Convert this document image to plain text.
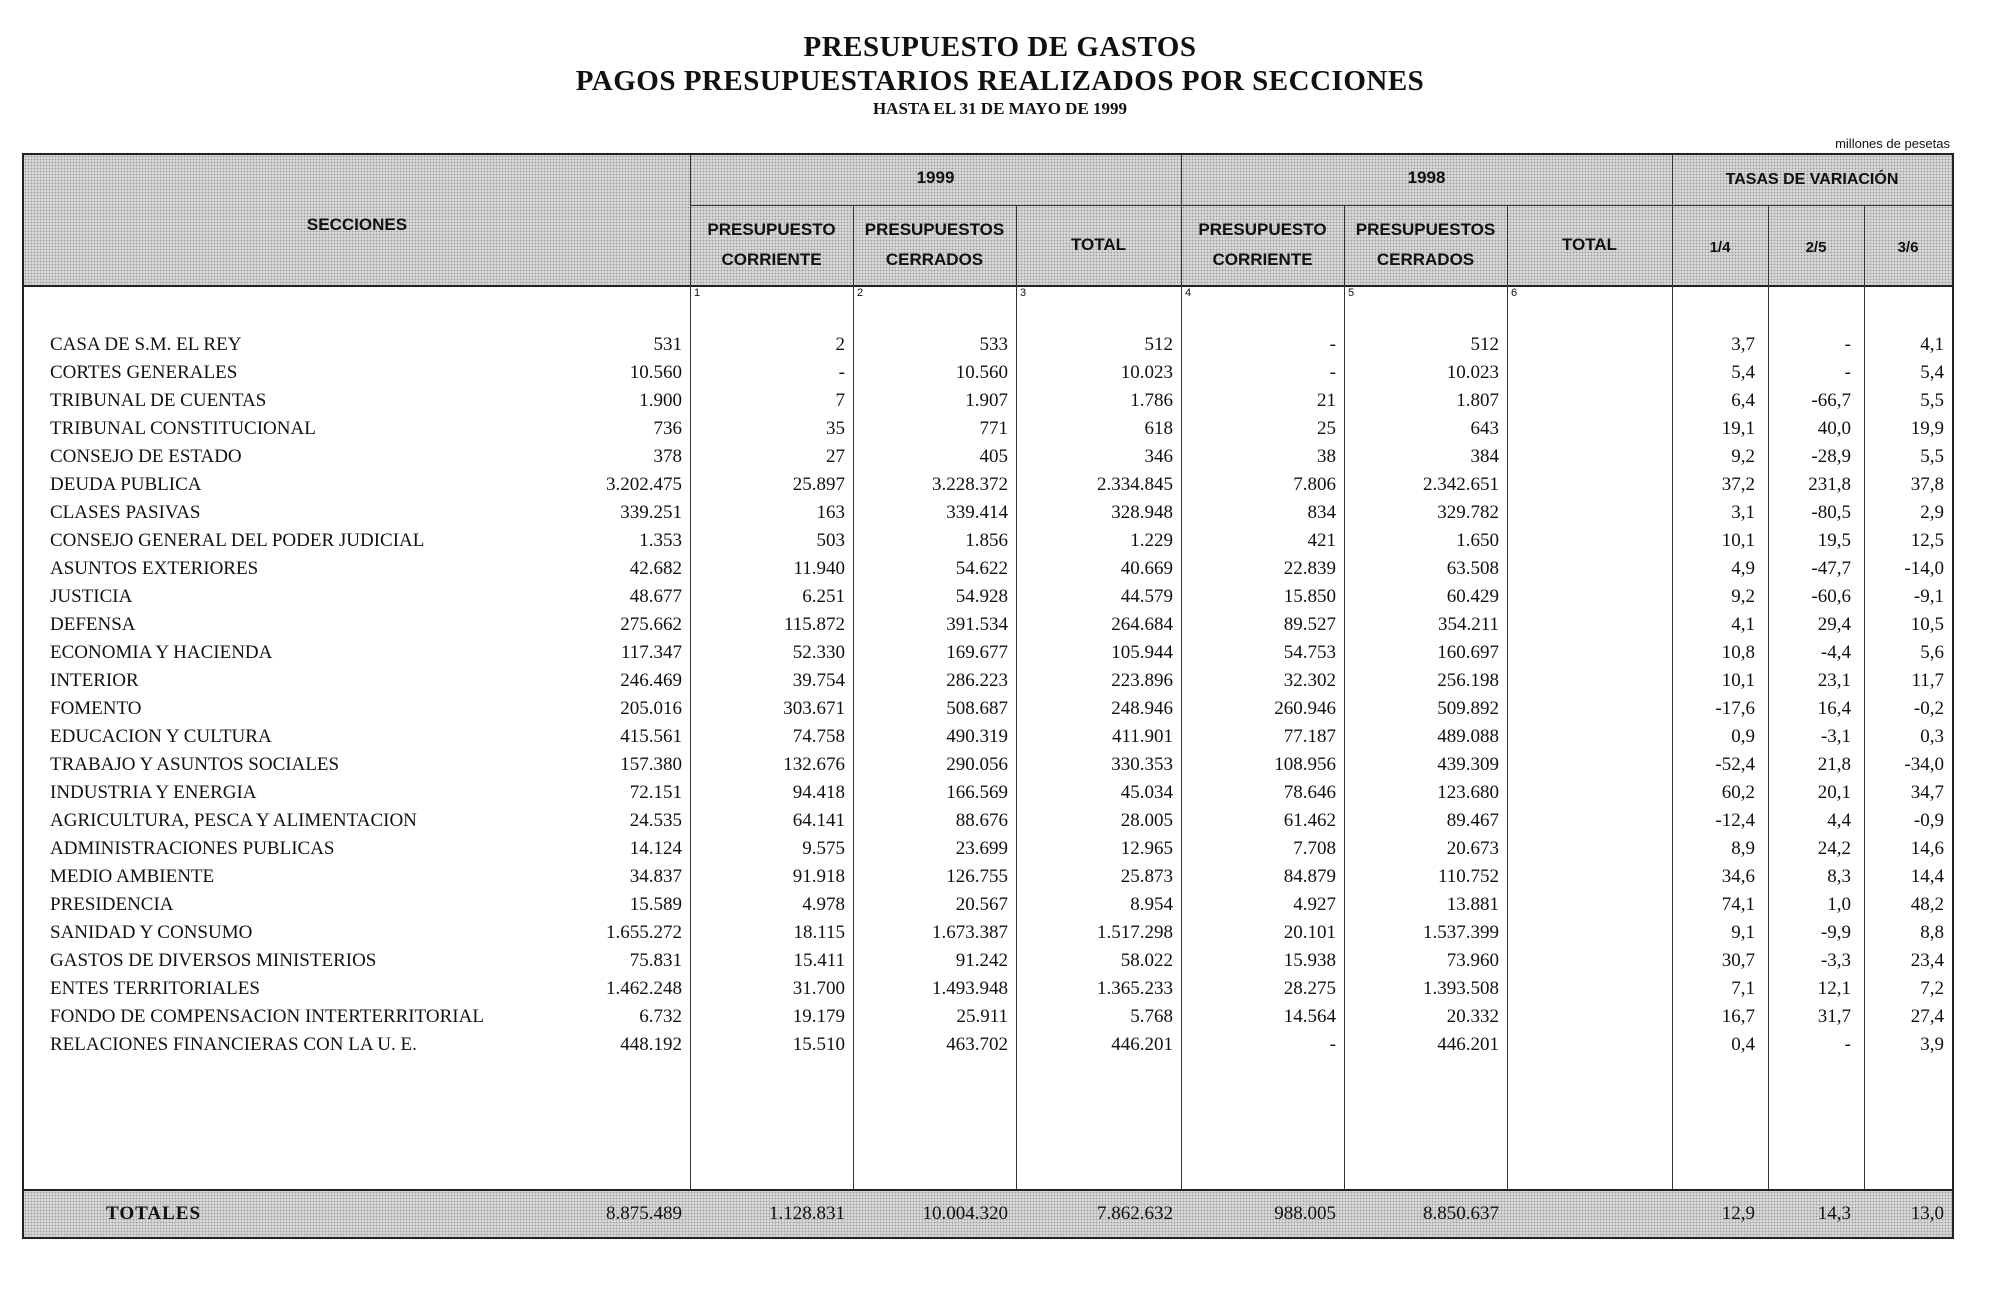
PRESUPUESTO DE GASTOS
PAGOS PRESUPUESTARIOS REALIZADOS POR SECCIONES
HASTA EL 31 DE MAYO DE 1999
millones de pesetas
SECCIONES
1999	1998	TASAS DE VARIACIÓN
PRESUPUESTO CORRIENTE
PRESUPUESTOS CERRADOS
TOTAL
PRESUPUESTO CORRIENTE
PRESUPUESTOS CERRADOS
TOTAL	1/4	2/5	3/6
1	2	3	4	5	6
CASA DE S.M. EL REY	531	2	533	512	-	512	3,7	-	4,1
CORTES GENERALES	10.560	-	10.560	10.023	-	10.023	5,4	-	5,4
TRIBUNAL DE CUENTAS	1.900	7	1.907	1.786	21	1.807	6,4	-66,7	5,5
TRIBUNAL CONSTITUCIONAL	736	35	771	618	25	643	19,1	40,0	19,9
CONSEJO DE ESTADO	378	27	405	346	38	384	9,2	-28,9	5,5
DEUDA PUBLICA	3.202.475	25.897	3.228.372	2.334.845	7.806	2.342.651	37,2	231,8	37,8
CLASES PASIVAS	339.251	163	339.414	328.948	834	329.782	3,1	-80,5	2,9
CONSEJO GENERAL DEL PODER JUDICIAL	1.353	503	1.856	1.229	421	1.650	10,1	19,5	12,5
ASUNTOS EXTERIORES	42.682	11.940	54.622	40.669	22.839	63.508	4,9	-47,7	-14,0
JUSTICIA	48.677	6.251	54.928	44.579	15.850	60.429	9,2	-60,6	-9,1
DEFENSA	275.662	115.872	391.534	264.684	89.527	354.211	4,1	29,4	10,5
ECONOMIA Y HACIENDA	117.347	52.330	169.677	105.944	54.753	160.697	10,8	-4,4	5,6
INTERIOR	246.469	39.754	286.223	223.896	32.302	256.198	10,1	23,1	11,7
FOMENTO	205.016	303.671	508.687	248.946	260.946	509.892	-17,6	16,4	-0,2
EDUCACION Y CULTURA	415.561	74.758	490.319	411.901	77.187	489.088	0,9	-3,1	0,3
TRABAJO Y ASUNTOS SOCIALES	157.380	132.676	290.056	330.353	108.956	439.309	-52,4	21,8	-34,0
INDUSTRIA Y ENERGIA	72.151	94.418	166.569	45.034	78.646	123.680	60,2	20,1	34,7
AGRICULTURA, PESCA Y ALIMENTACION	24.535	64.141	88.676	28.005	61.462	89.467	-12,4	4,4	-0,9
ADMINISTRACIONES PUBLICAS	14.124	9.575	23.699	12.965	7.708	20.673	8,9	24,2	14,6
MEDIO AMBIENTE	34.837	91.918	126.755	25.873	84.879	110.752	34,6	8,3	14,4
PRESIDENCIA	15.589	4.978	20.567	8.954	4.927	13.881	74,1	1,0	48,2
SANIDAD Y CONSUMO	1.655.272	18.115	1.673.387	1.517.298	20.101	1.537.399	9,1	-9,9	8,8
GASTOS DE DIVERSOS MINISTERIOS	75.831	15.411	91.242	58.022	15.938	73.960	30,7	-3,3	23,4
ENTES TERRITORIALES	1.462.248	31.700	1.493.948	1.365.233	28.275	1.393.508	7,1	12,1	7,2
FONDO DE COMPENSACION INTERTERRITORIAL	6.732	19.179	25.911	5.768	14.564	20.332	16,7	31,7	27,4
RELACIONES FINANCIERAS CON LA U. E.	448.192	15.510	463.702	446.201	-	446.201	0,4	-	3,9
TOTALES	8.875.489	1.128.831	10.004.320	7.862.632	988.005	8.850.637	12,9	14,3	13,0
